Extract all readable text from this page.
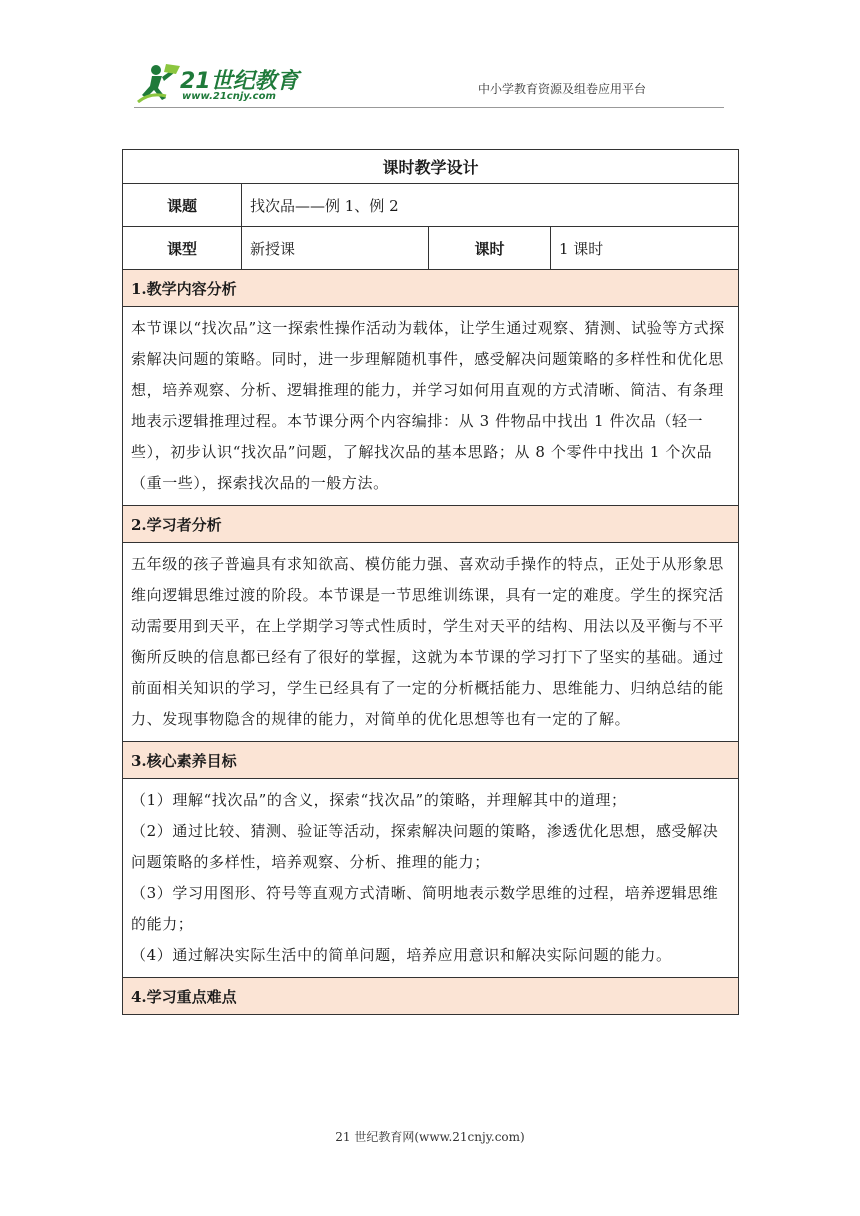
21世纪教育
www.21cnjy.com
中小学教育资源及组卷应用平台
课时教学设计			
课题	找次品——例 1、例 2		
课型	新授课	课时	1 课时
1.教学内容分析			
本节课以“找次品”这一探索性操作活动为载体，让学生通过观察、猜测、试验等方式探索解决问题的策略。同时，进一步理解随机事件，感受解决问题策略的多样性和优化思想，培养观察、分析、逻辑推理的能力，并学习如何用直观的方式清晰、简洁、有条理地表示逻辑推理过程。本节课分两个内容编排：从 3 件物品中找出 1 件次品（轻一些），初步认识“找次品”问题，了解找次品的基本思路；从 8 个零件中找出 1 个次品（重一些），探索找次品的一般方法。			
2.学习者分析			
五年级的孩子普遍具有求知欲高、模仿能力强、喜欢动手操作的特点，正处于从形象思维向逻辑思维过渡的阶段。本节课是一节思维训练课，具有一定的难度。学生的探究活动需要用到天平，在上学期学习等式性质时，学生对天平的结构、用法以及平衡与不平衡所反映的信息都已经有了很好的掌握，这就为本节课的学习打下了坚实的基础。通过前面相关知识的学习，学生已经具有了一定的分析概括能力、思维能力、归纳总结的能力、发现事物隐含的规律的能力，对简单的优化思想等也有一定的了解。			
3.核心素养目标			

（1）理解“找次品”的含义，探索“找次品”的策略，并理解其中的道理；

（2）通过比较、猜测、验证等活动，探索解决问题的策略，渗透优化思想，感受解决问题策略的多样性，培养观察、分析、推理的能力；

（3）学习用图形、符号等直观方式清晰、简明地表示数学思维的过程，培养逻辑思维的能力；

（4）通过解决实际生活中的简单问题，培养应用意识和解决实际问题的能力。			

4.学习重点难点			
21 世纪教育网(www.21cnjy.com)
